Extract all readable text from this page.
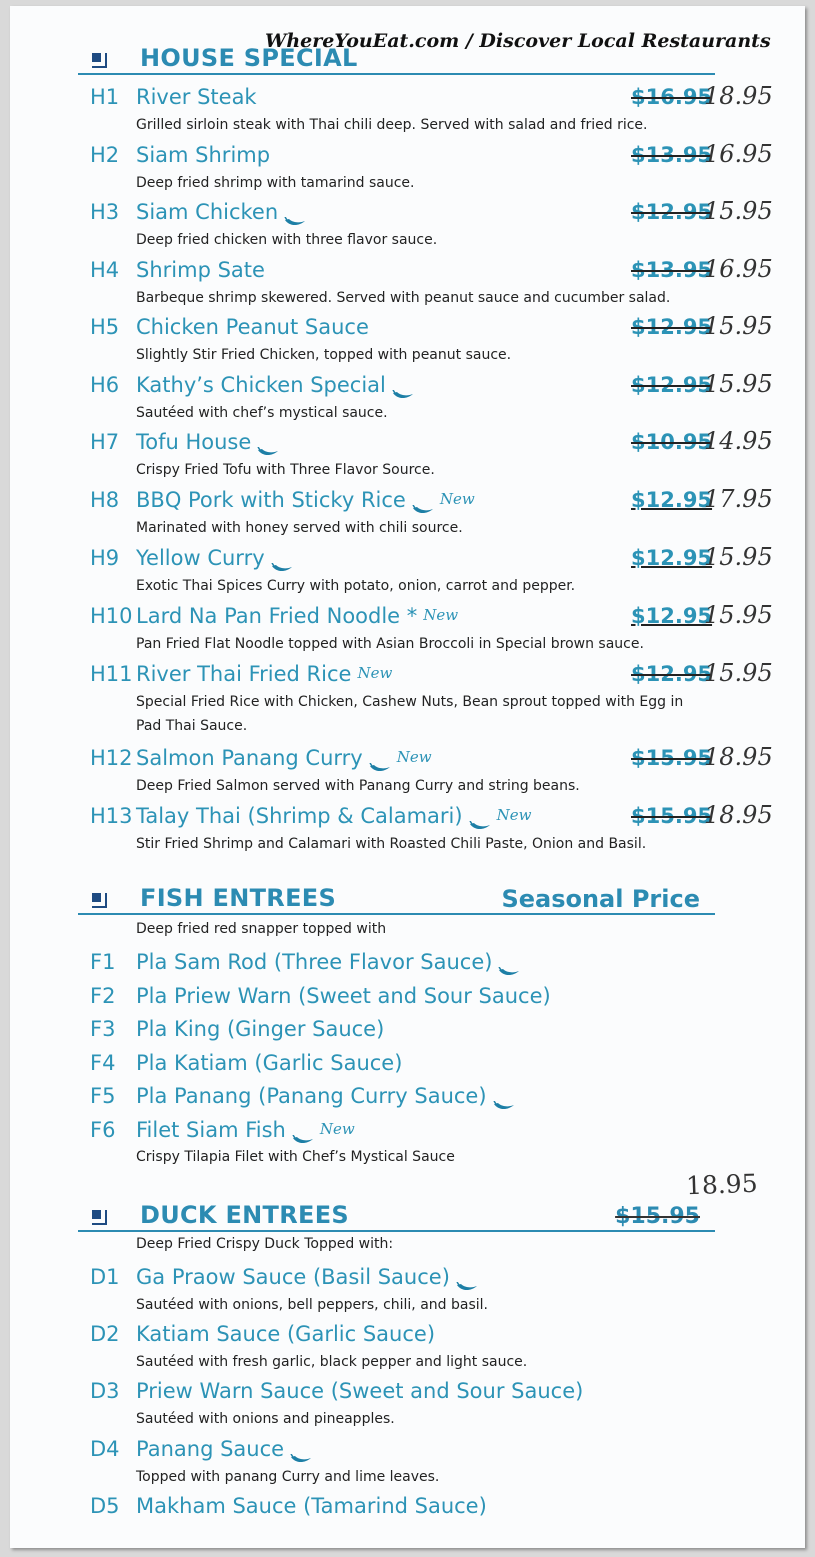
WhereYouEat.com / Discover Local Restaurants
HOUSE SPECIAL
H1 River Steak
Grilled sirloin steak with Thai chili deep. Served with salad and fried rice.
$16.95
18.95
H2 Siam Shrimp
Deep fried shrimp with tamarind sauce.
$13.95
16.95
H3 Siam Chicken
Deep fried chicken with three flavor sauce.
$12.95
15.95
H4 Shrimp Sate
Barbeque shrimp skewered. Served with peanut sauce and cucumber salad.
$13.95
16.95
H5 Chicken Peanut Sauce
Slightly Stir Fried Chicken, topped with peanut sauce.
$12.95
15.95
H6 Kathy’s Chicken Special
Sautéed with chef’s mystical sauce.
$12.95
15.95
H7 Tofu House
Crispy Fried Tofu with Three Flavor Source.
$10.95
14.95
H8 BBQ Pork with Sticky Rice New
Marinated with honey served with chili source.
$12.95
17.95
H9 Yellow Curry
Exotic Thai Spices Curry with potato, onion, carrot and pepper.
$12.95
15.95
H10 Lard Na Pan Fried Noodle * New
Pan Fried Flat Noodle topped with Asian Broccoli in Special brown sauce.
$12.95
15.95
H11 River Thai Fried Rice New
Special Fried Rice with Chicken, Cashew Nuts, Bean sprout topped with Egg in Pad Thai Sauce.
$12.95
15.95
H12 Salmon Panang Curry New
Deep Fried Salmon served with Panang Curry and string beans.
$15.95
18.95
H13 Talay Thai (Shrimp & Calamari) New
Stir Fried Shrimp and Calamari with Roasted Chili Paste, Onion and Basil.
$15.95
18.95
FISH ENTREES	Seasonal Price
Deep fried red snapper topped with
F1 Pla Sam Rod (Three Flavor Sauce)
F2 Pla Priew Warn (Sweet and Sour Sauce)
F3 Pla King (Ginger Sauce)
F4 Pla Katiam (Garlic Sauce)
F5 Pla Panang (Panang Curry Sauce)
F6 Filet Siam Fish New
Crispy Tilapia Filet with Chef’s Mystical Sauce
DUCK ENTREES	$15.95
18.95
Deep Fried Crispy Duck Topped with:
D1 Ga Praow Sauce (Basil Sauce)
Sautéed with onions, bell peppers, chili, and basil.
D2 Katiam Sauce (Garlic Sauce)
Sautéed with fresh garlic, black pepper and light sauce.
D3 Priew Warn Sauce (Sweet and Sour Sauce)
Sautéed with onions and pineapples.
D4 Panang Sauce
Topped with panang Curry and lime leaves.
D5 Makham Sauce (Tamarind Sauce)
